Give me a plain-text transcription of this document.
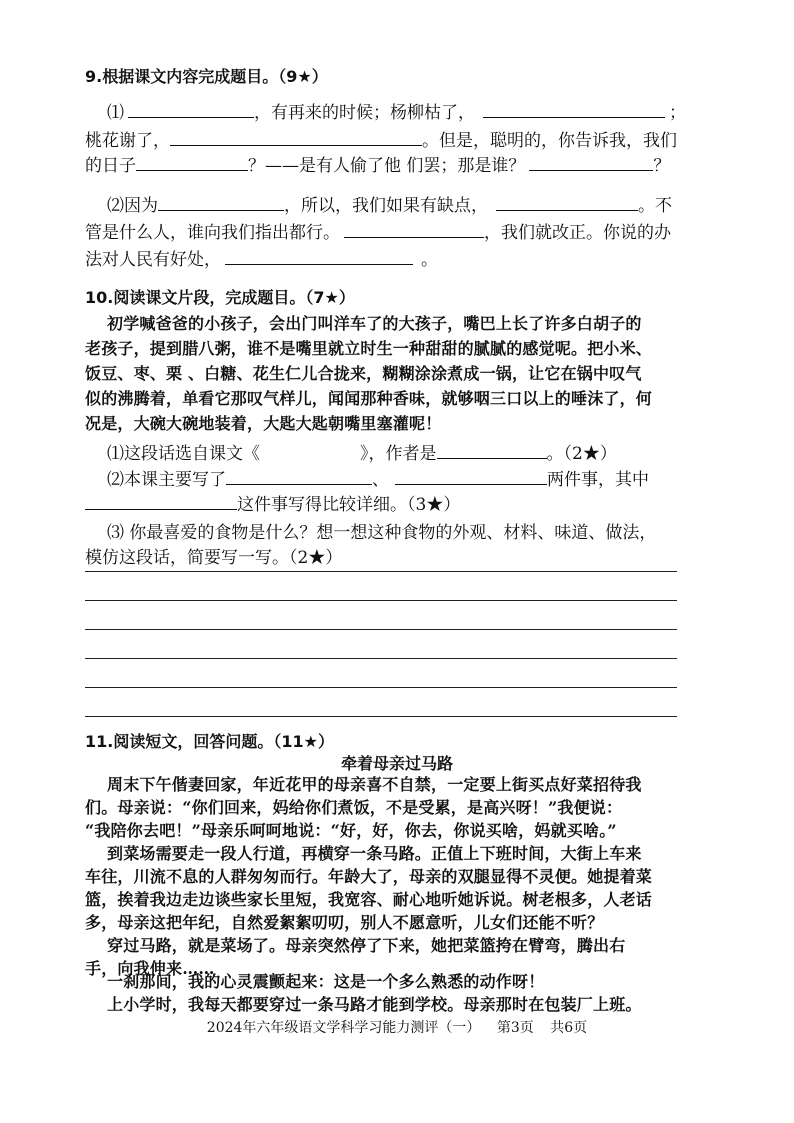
9.根据课文内容完成题目。（9★）
⑴	，有再来的时候；杨柳枯了，	；
桃花谢了，	。但是，聪明的，你告诉我，我们
的日子	？——是有人偷了他 们罢；那是谁？	？
⑵因为	，所以，我们如果有缺点，	。不
管是什么人，谁向我们指出都行。	，我们就改正。你说的办
法对人民有好处，	。
10.阅读课文片段，完成题目。（7★）
初学喊爸爸的小孩子，会出门叫洋车了的大孩子，嘴巴上长了许多白胡子的
老孩子，提到腊八粥，谁不是嘴里就立时生一种甜甜的腻腻的感觉呢。把小米、
饭豆、枣、栗 、白糖、花生仁儿合拢来，糊糊涂涂煮成一锅，让它在锅中叹气
似的沸腾着，单看它那叹气样儿，闻闻那种香味，就够咽三口以上的唾沫了，何
况是，大碗大碗地装着，大匙大匙朝嘴里塞灌呢！
⑴这段话选自课文《	》，作者是	。（2★）
⑵本课主要写了	、	两件事，其中
这件事写得比较详细。（3★）
⑶ 你最喜爱的食物是什么？想一想这种食物的外观、材料、味道、做法，
模仿这段话，简要写一写。（2★）
11.阅读短文，回答问题。（11★）
牵着母亲过马路
周末下午偕妻回家，年近花甲的母亲喜不自禁，一定要上街买点好菜招待我
们。母亲说：“你们回来，妈给你们煮饭，不是受累，是高兴呀！”我便说：
“我陪你去吧！”母亲乐呵呵地说：“好，好，你去，你说买啥，妈就买啥。”
到菜场需要走一段人行道，再横穿一条马路。正值上下班时间，大街上车来
车往，川流不息的人群匆匆而行。年龄大了，母亲的双腿显得不灵便。她提着菜
篮，挨着我边走边谈些家长里短，我宽容、耐心地听她诉说。树老根多，人老话
多，母亲这把年纪，自然爱絮絮叨叨，别人不愿意听，儿女们还能不听？
穿过马路，就是菜场了。母亲突然停了下来，她把菜篮挎在臂弯，腾出右
手，向我伸来……
一刹那间，我的心灵震颤起来：这是一个多么熟悉的动作呀！
上小学时，我每天都要穿过一条马路才能到学校。母亲那时在包装厂上班。
2024年六年级语文学科学习能力测评（一） 第3页 共6页
